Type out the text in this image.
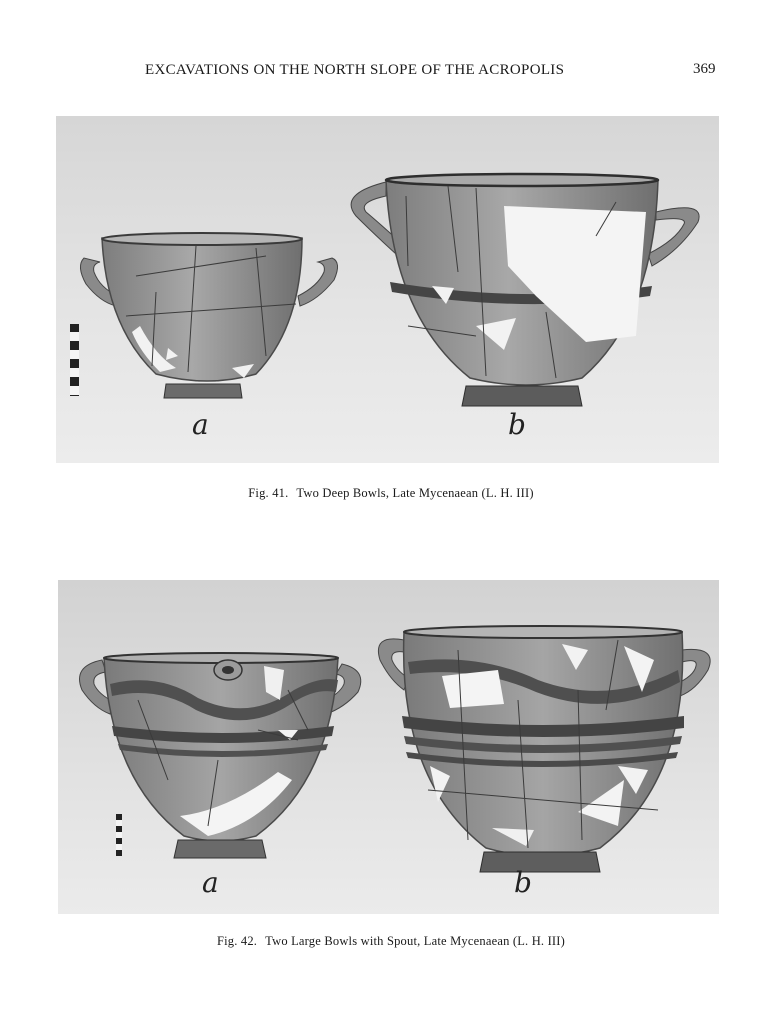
EXCAVATIONS ON THE NORTH SLOPE OF THE ACROPOLIS	369
a	b
Fig. 41. Two Deep Bowls, Late Mycenaean (L. H. III)
a	b
Fig. 42. Two Large Bowls with Spout, Late Mycenaean (L. H. III)
